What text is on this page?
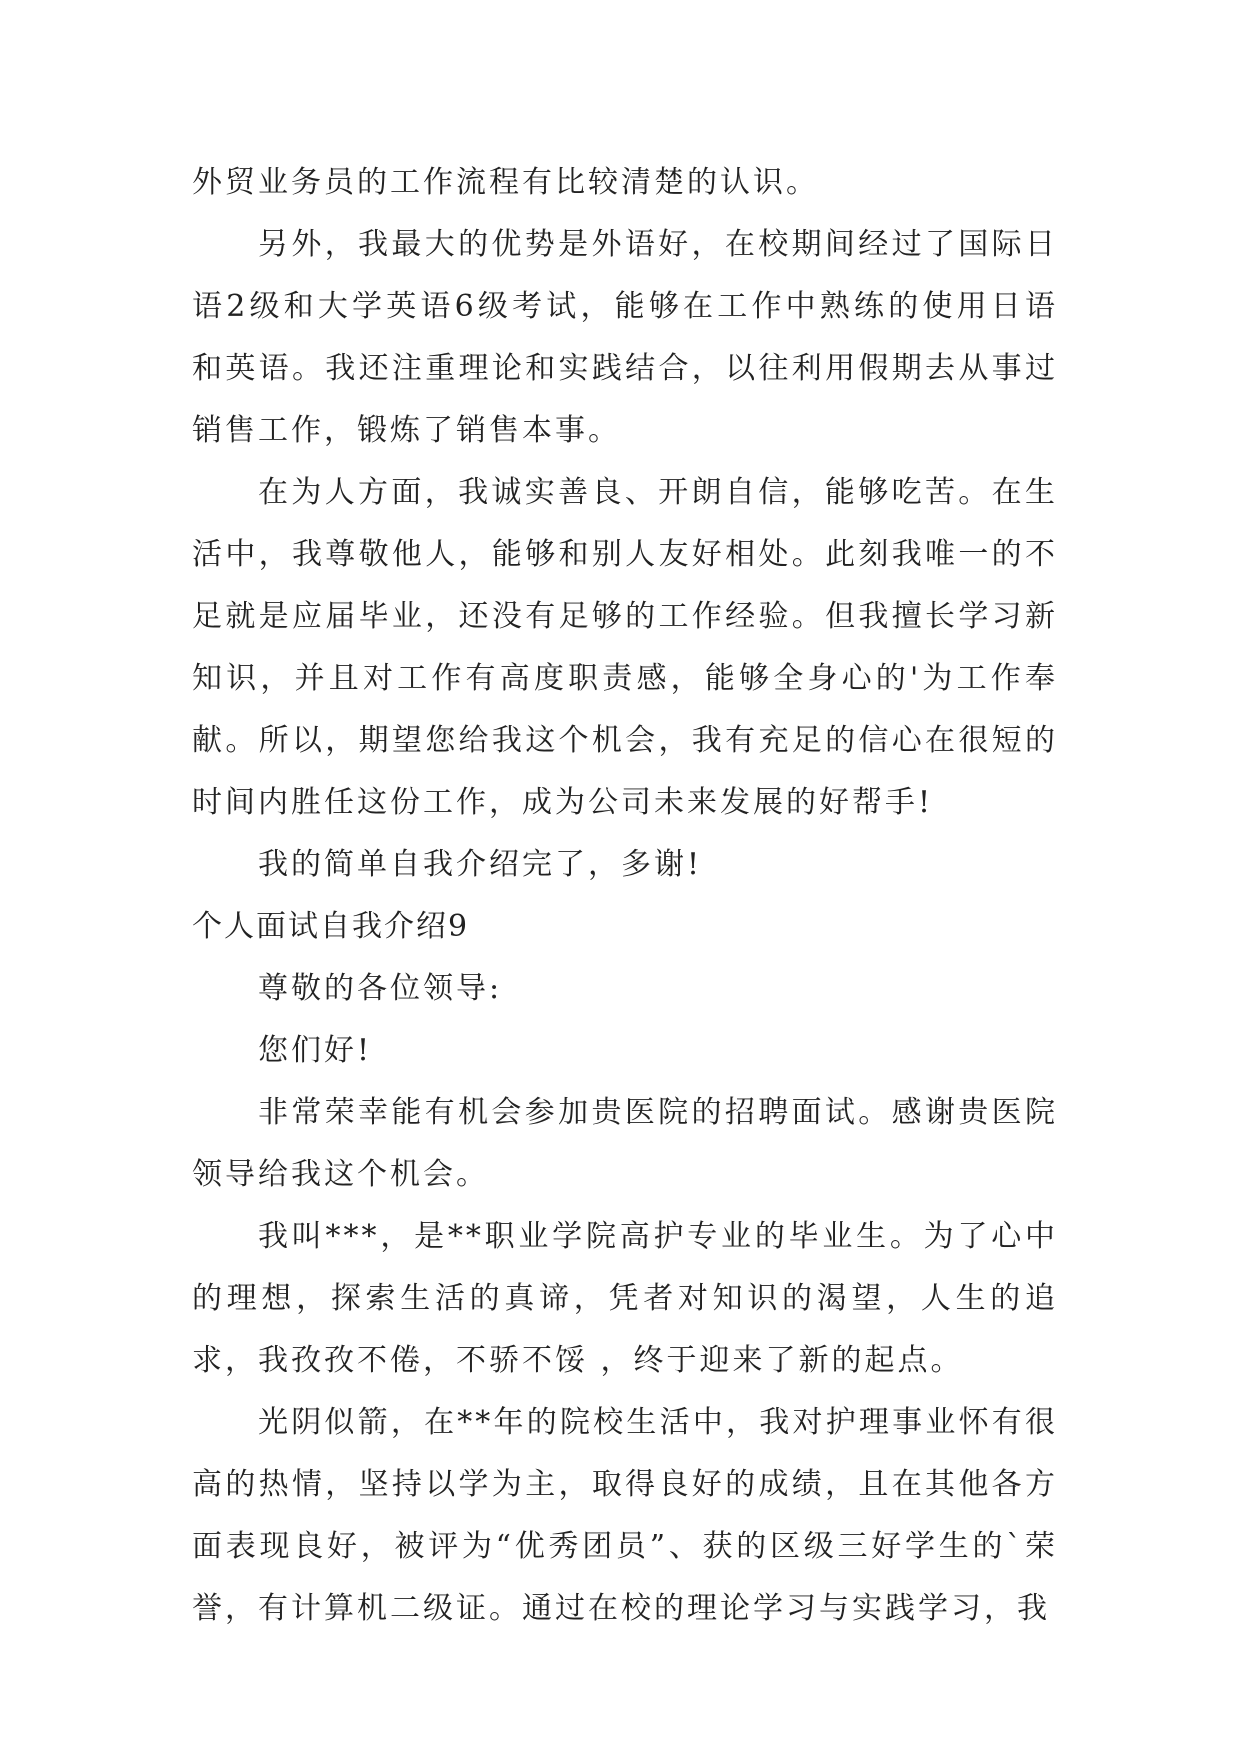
外贸业务员的工作流程有比较清楚的认识。

另外，我最大的优势是外语好，在校期间经过了国际日语2级和大学英语6级考试，能够在工作中熟练的使用日语和英语。我还注重理论和实践结合，以往利用假期去从事过销售工作，锻炼了销售本事。

在为人方面，我诚实善良、开朗自信，能够吃苦。在生活中，我尊敬他人，能够和别人友好相处。此刻我唯一的不足就是应届毕业，还没有足够的工作经验。但我擅长学习新知识，并且对工作有高度职责感，能够全身心的'为工作奉献。所以，期望您给我这个机会，我有充足的信心在很短的时间内胜任这份工作，成为公司未来发展的好帮手!

我的简单自我介绍完了，多谢!

个人面试自我介绍9

尊敬的各位领导:

您们好!

非常荣幸能有机会参加贵医院的招聘面试。感谢贵医院领导给我这个机会。

我叫***，是**职业学院高护专业的毕业生。为了心中的理想，探索生活的真谛，凭者对知识的渴望，人生的追求，我孜孜不倦，不骄不馁 ，终于迎来了新的起点。

光阴似箭，在**年的院校生活中，我对护理事业怀有很高的热情，坚持以学为主，取得良好的成绩，且在其他各方面表现良好，被评为“优秀团员”、获的区级三好学生的`荣誉，有计算机二级证。通过在校的理论学习与实践学习，我
